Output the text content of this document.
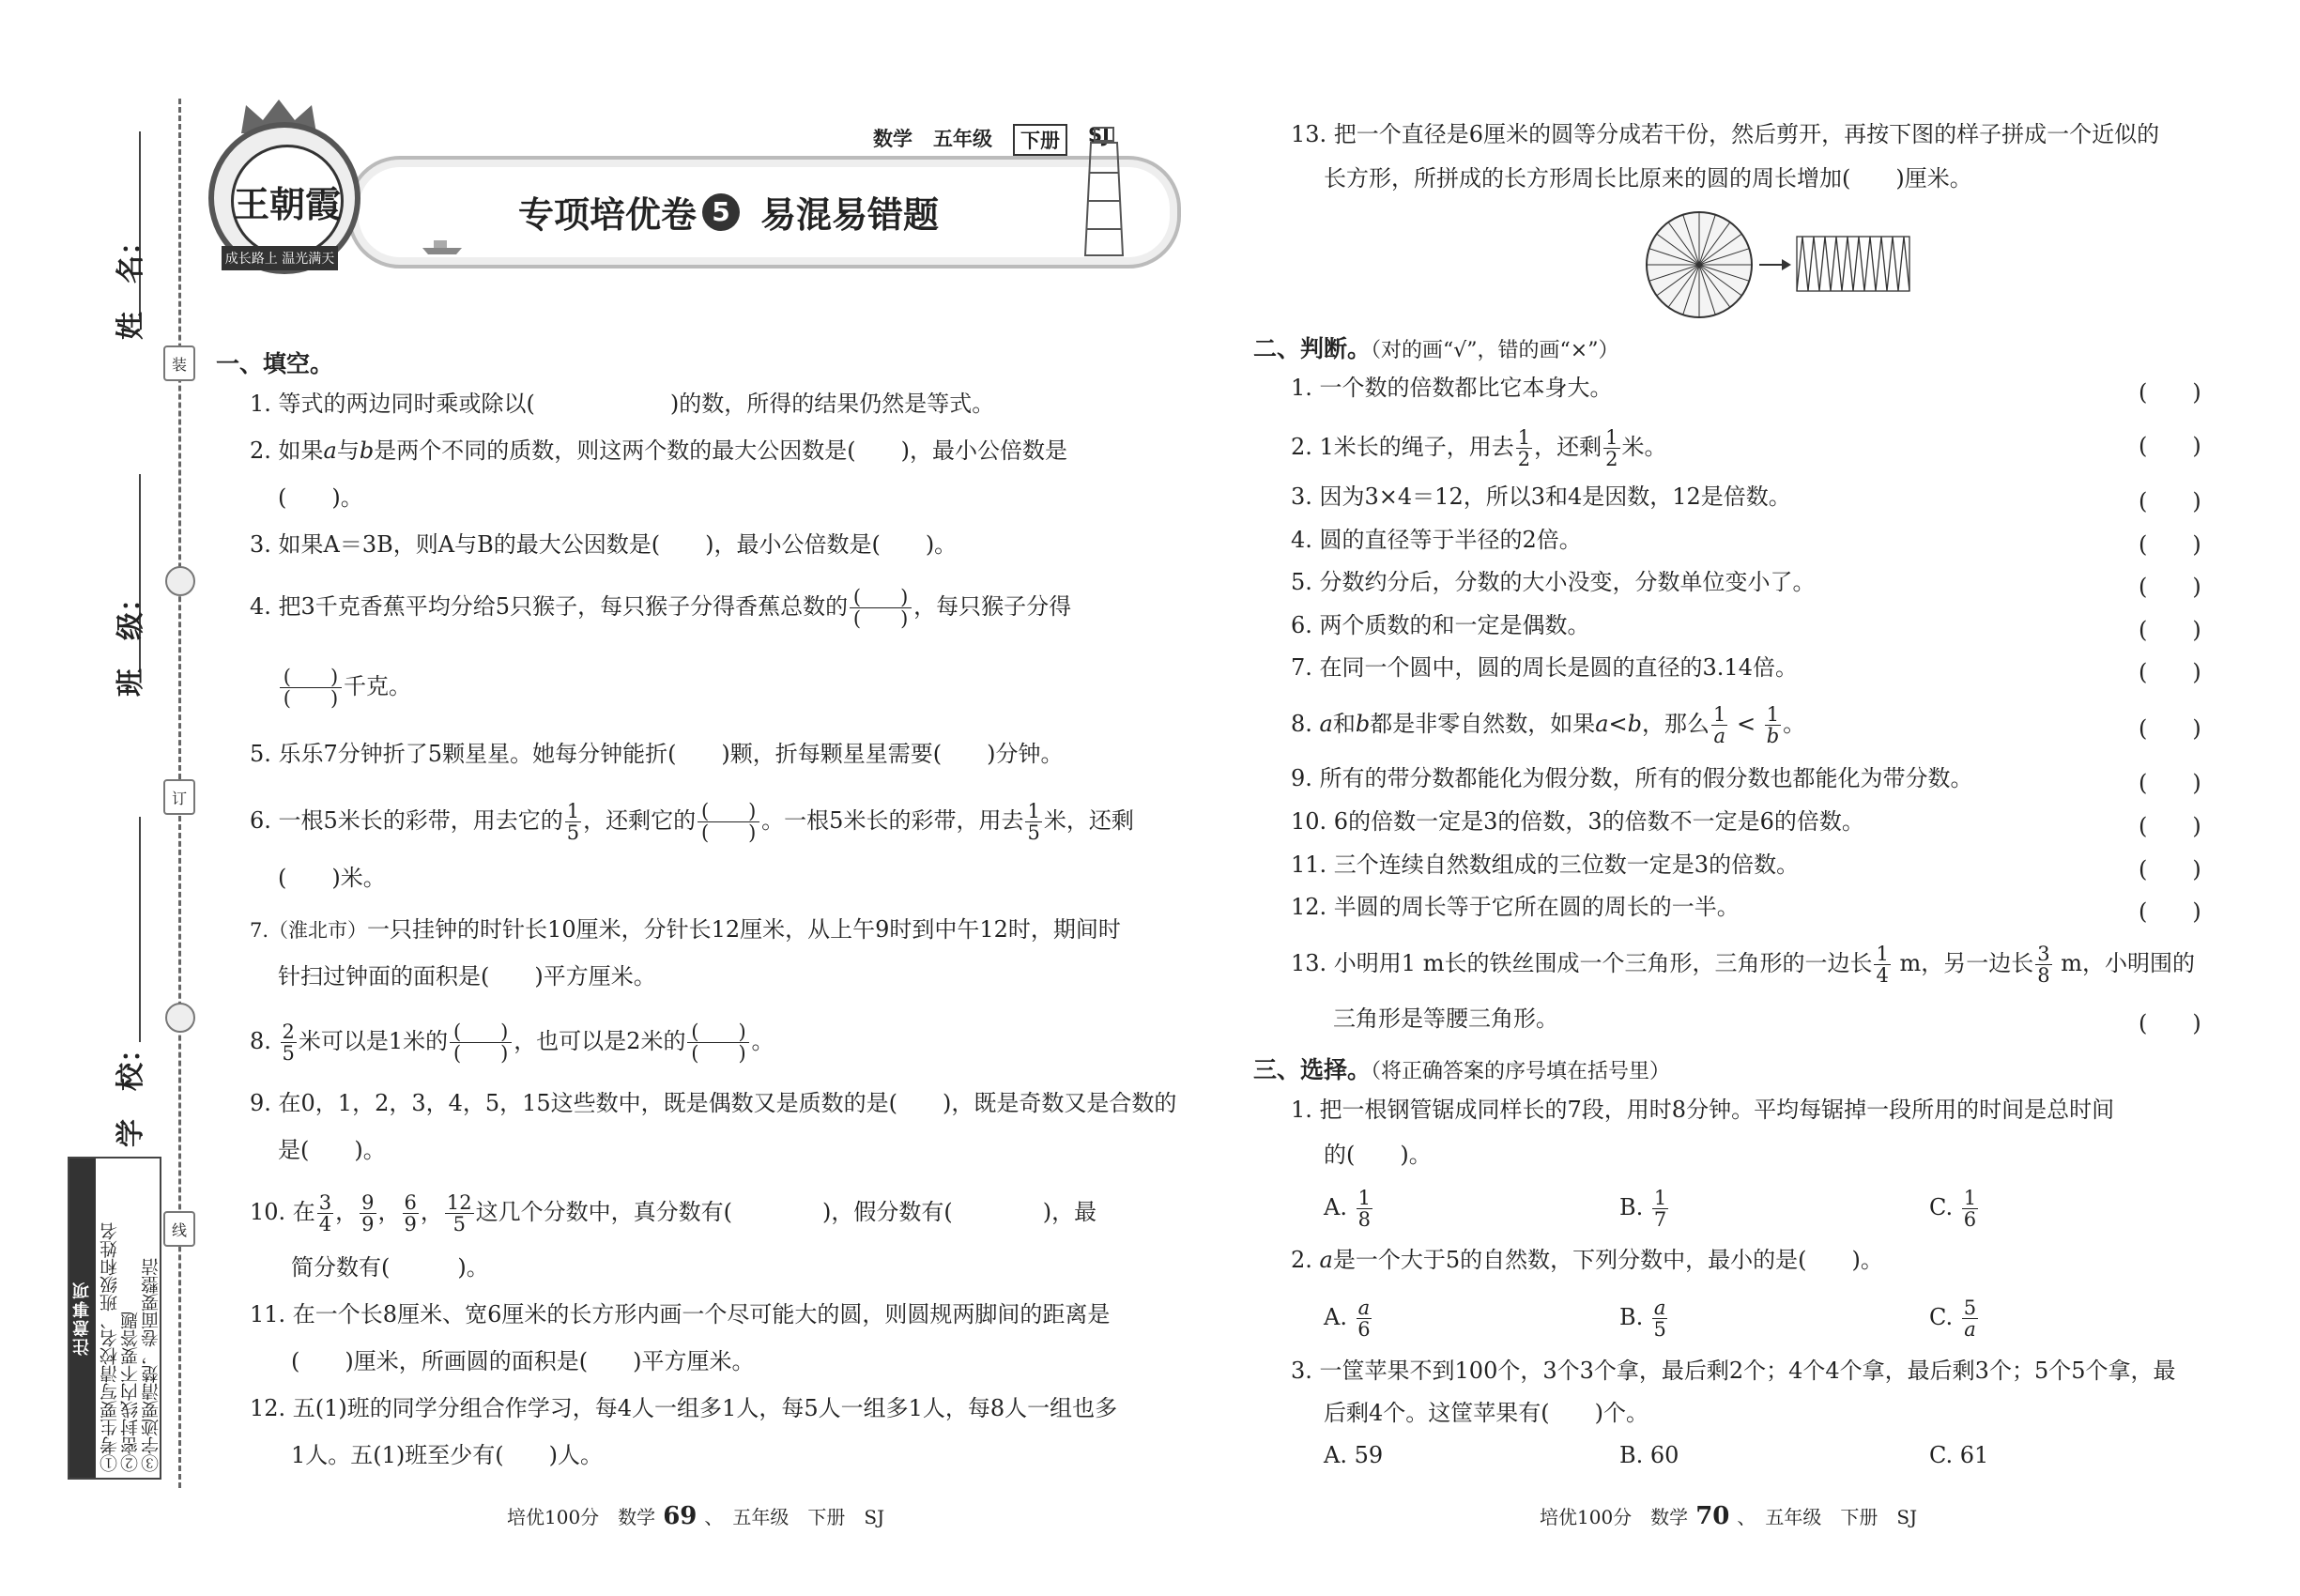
姓　名：
班　级：
学　校：
装
订
线
注意事项 ①考生要写清校名、班级和姓名 ②密封线内不要答题 ③字迹要清楚，卷面要整洁
王朝霞
成长路上 温光满天
数学 五年级	下册	SJ
专项培优卷 5 易混易错题
一、填空。
1. 等式的两边同时乘或除以(　　　　　　)的数，所得的结果仍然是等式。
2. 如果a与b是两个不同的质数，则这两个数的最大公因数是(　　)，最小公倍数是
(　　)。
3. 如果A＝3B，则A与B的最大公因数是(　　)，最小公倍数是(　　)。
4. 把3千克香蕉平均分给5只猴子，每只猴子分得香蕉总数的 $\frac{( )}{( )}$ ，每只猴子分得
$\frac{( )}{( )}$ 千克。
5. 乐乐7分钟折了5颗星星。她每分钟能折(　　)颗，折每颗星星需要(　　)分钟。
6. 一根5米长的彩带，用去它的 $\frac{1}{5}$ ，还剩它的 $\frac{( )}{( )}$ 。一根5米长的彩带，用去 $\frac{1}{5}$ 米，还剩
(　　)米。
7.（淮北市）一只挂钟的时针长10厘米，分针长12厘米，从上午9时到中午12时，期间时
针扫过钟面的面积是(　　)平方厘米。
8. $\frac{2}{5}$ 米可以是1米的 $\frac{( )}{( )}$ ，也可以是2米的 $\frac{( )}{( )}$ 。
9. 在0，1，2，3，4，5，15这些数中，既是偶数又是质数的是(　　)，既是奇数又是合数的
是(　　)。
10. 在 $\frac{3}{4}$ ， $\frac{9}{9}$ ， $\frac{6}{9}$ ， $\frac{12}{5}$ 这几个分数中，真分数有(　　　　)，假分数有(　　　　)，最
简分数有(　　　)。
11. 在一个长8厘米、宽6厘米的长方形内画一个尽可能大的圆，则圆规两脚间的距离是
(　　)厘米，所画圆的面积是(　　)平方厘米。
12. 五(1)班的同学分组合作学习，每4人一组多1人，每5人一组多1人，每8人一组也多
1人。五(1)班至少有(　　)人。
培优100分　数学 69 、　五年级　下册　SJ
13. 把一个直径是6厘米的圆等分成若干份，然后剪开，再按下图的样子拼成一个近似的
长方形，所拼成的长方形周长比原来的圆的周长增加(　　)厘米。
二、判断。（对的画“√”，错的画“×”）
1. 一个数的倍数都比它本身大。	(　　)
2. 1米长的绳子，用去 $\frac{1}{2}$ ，还剩 $\frac{1}{2}$ 米。	(　　)
3. 因为3×4＝12，所以3和4是因数，12是倍数。	(　　)
4. 圆的直径等于半径的2倍。	(　　)
5. 分数约分后，分数的大小没变，分数单位变小了。	(　　)
6. 两个质数的和一定是偶数。	(　　)
7. 在同一个圆中，圆的周长是圆的直径的3.14倍。	(　　)
8. a和b都是非零自然数，如果a<b，那么 $\frac{1}{a} < \frac{1}{b}$ 。	(　　)
9. 所有的带分数都能化为假分数，所有的假分数也都能化为带分数。	(　　)
10. 6的倍数一定是3的倍数，3的倍数不一定是6的倍数。	(　　)
11. 三个连续自然数组成的三位数一定是3的倍数。	(　　)
12. 半圆的周长等于它所在圆的周长的一半。	(　　)
13. 小明用1 m长的铁丝围成一个三角形，三角形的一边长 $\frac{1}{4}$ m，另一边长 $\frac{3}{8}$ m，小明围的
三角形是等腰三角形。	(　　)
三、选择。（将正确答案的序号填在括号里）
1. 把一根钢管锯成同样长的7段，用时8分钟。平均每锯掉一段所用的时间是总时间
的(　　)。
A. $\frac{1}{8}$	B. $\frac{1}{7}$	C. $\frac{1}{6}$
2. a是一个大于5的自然数，下列分数中，最小的是(　　)。
A. $\frac{a}{6}$	B. $\frac{a}{5}$	C. $\frac{5}{a}$
3. 一筐苹果不到100个，3个3个拿，最后剩2个；4个4个拿，最后剩3个；5个5个拿，最
后剩4个。这筐苹果有(　　)个。
A. 59	B. 60	C. 61
培优100分　数学 70 、　五年级　下册　SJ
